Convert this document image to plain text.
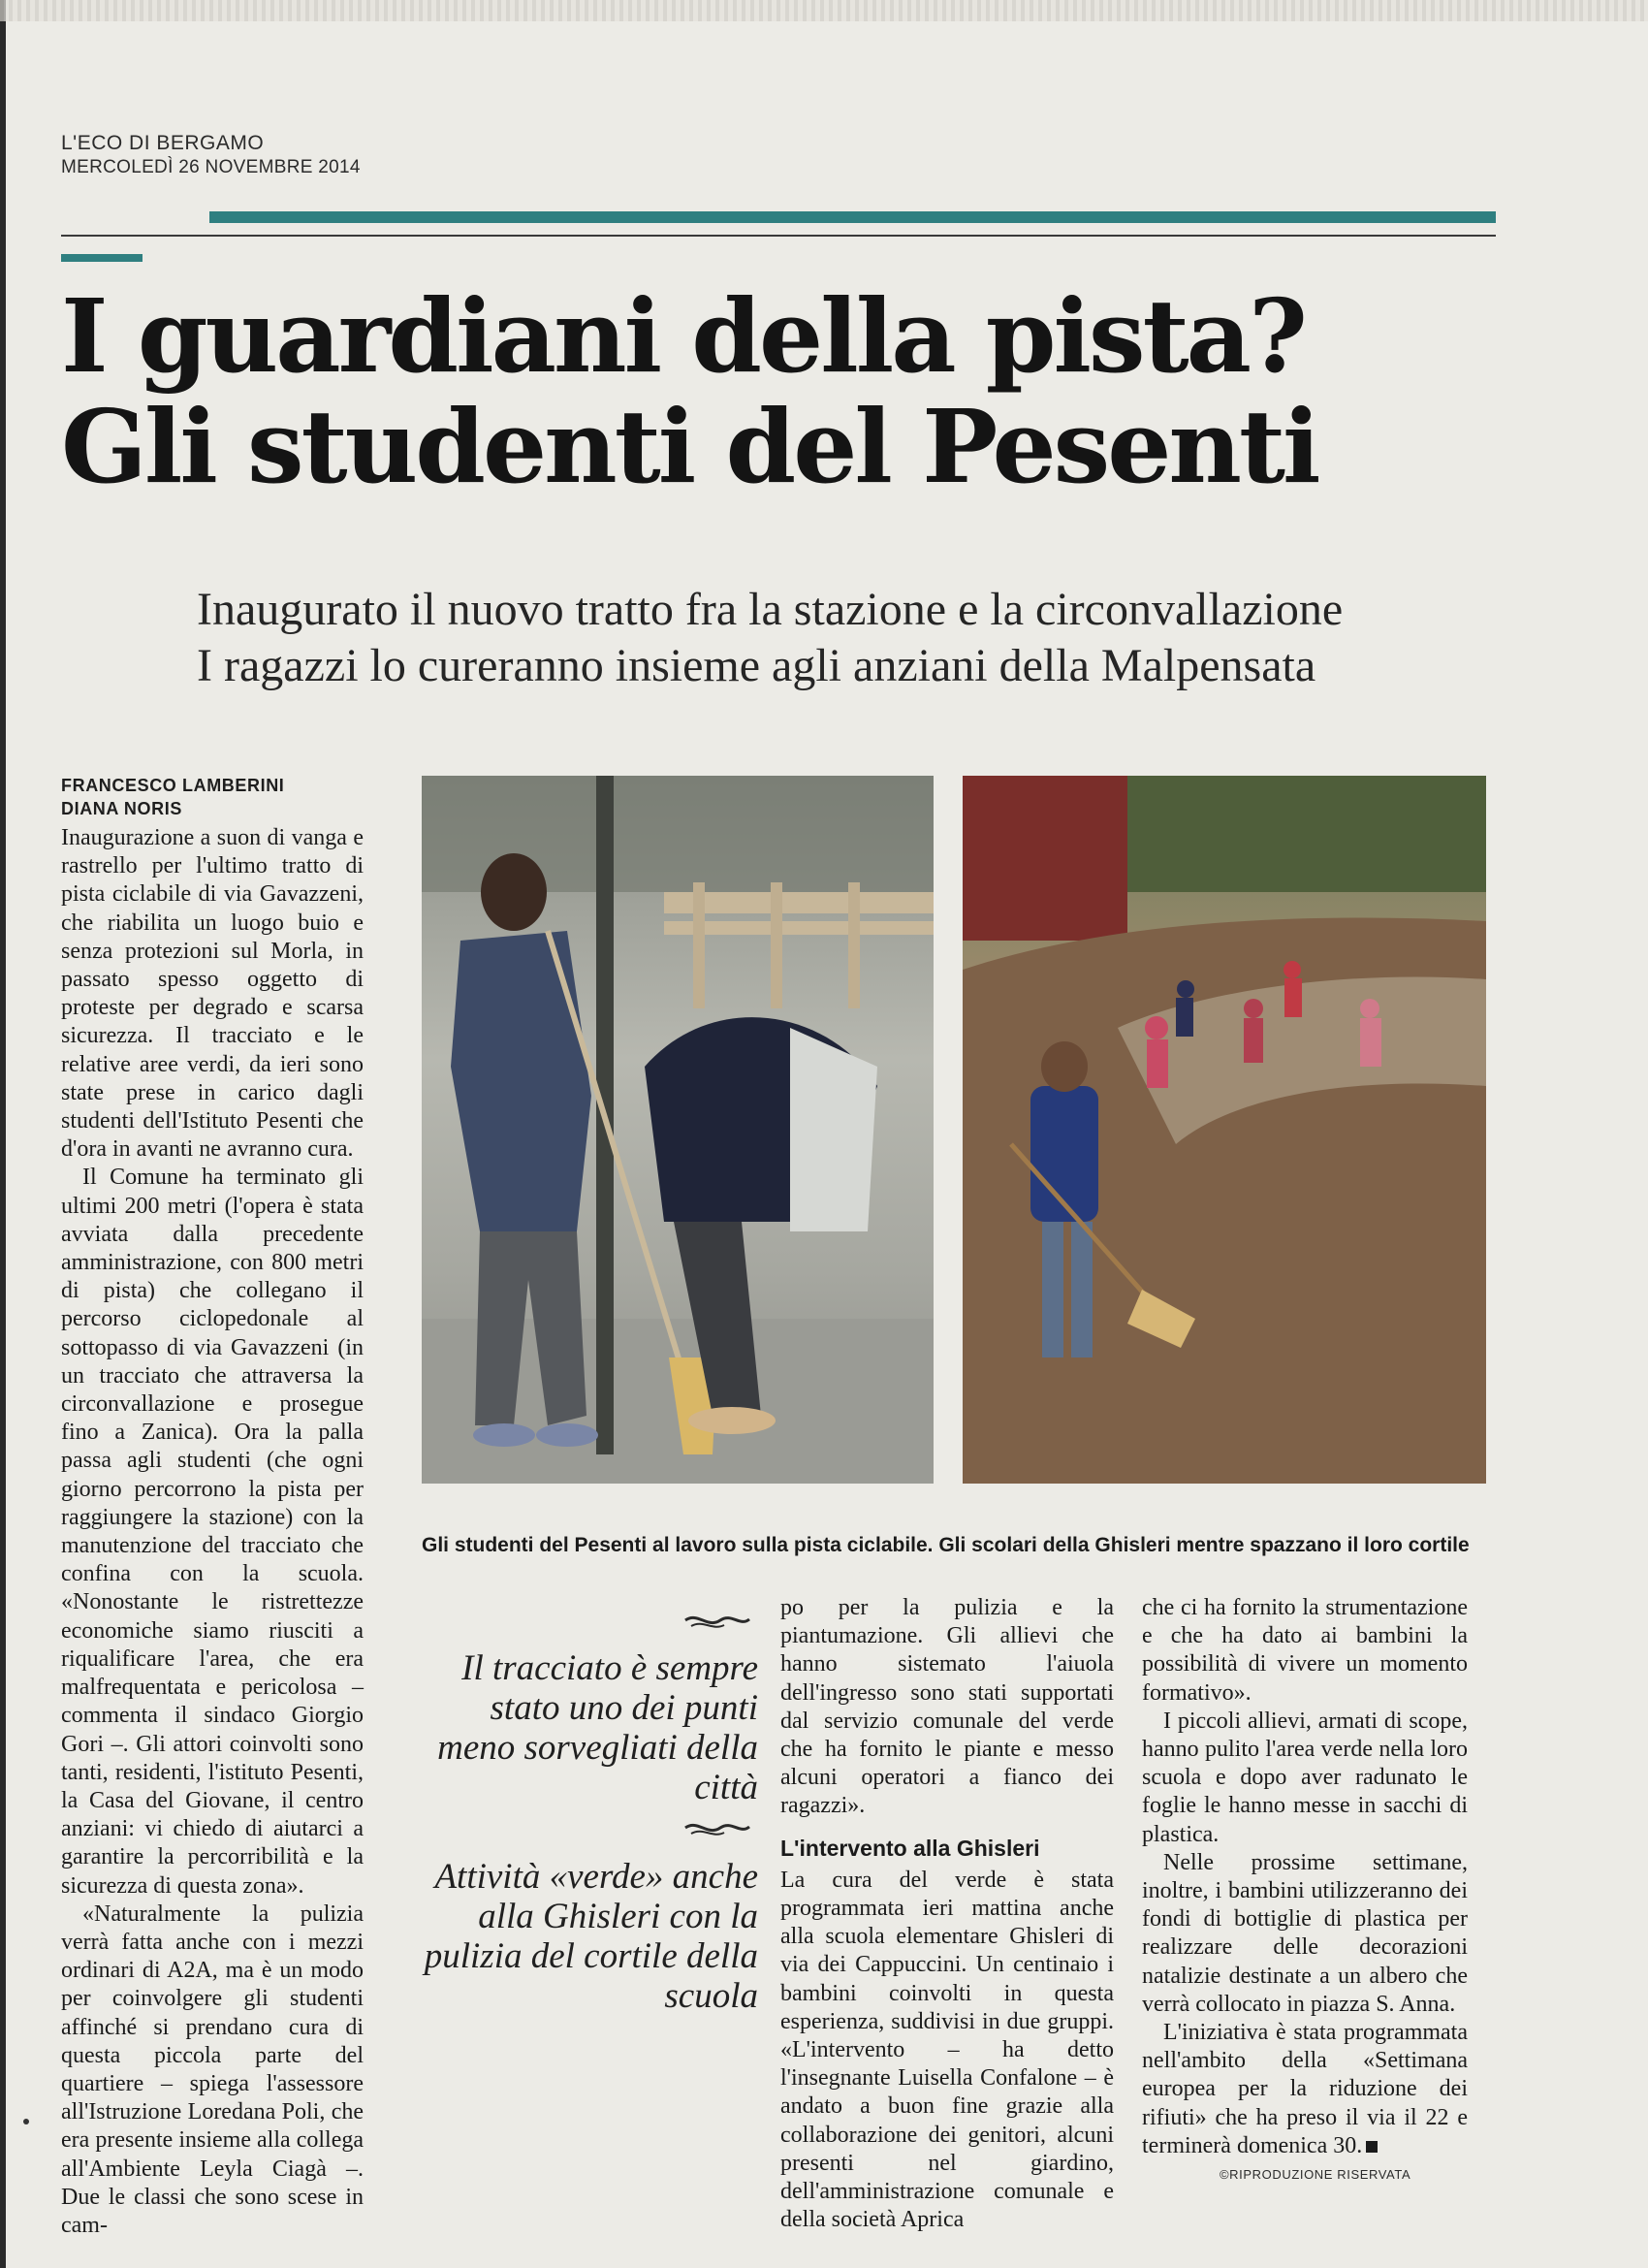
L'ECO DI BERGAMO
MERCOLEDÌ 26 NOVEMBRE 2014
I guardiani della pista?
Gli studenti del Pesenti
Inaugurato il nuovo tratto fra la stazione e la circonvallazione
I ragazzi lo cureranno insieme agli anziani della Malpensata
FRANCESCO LAMBERINI
DIANA NORIS

Inaugurazione a suon di vanga e rastrello per l'ultimo tratto di pista ciclabile di via Gavazzeni, che riabilita un luogo buio e senza protezioni sul Morla, in passato spesso oggetto di proteste per degrado e scarsa sicurezza. Il tracciato e le relative aree verdi, da ieri sono state prese in carico dagli studenti dell'Istituto Pesenti che d'ora in avanti ne avranno cura.

Il Comune ha terminato gli ultimi 200 metri (l'opera è stata avviata dalla precedente amministrazione, con 800 metri di pista) che collegano il percorso ciclopedonale al sottopasso di via Gavazzeni (in un tracciato che attraversa la circonvallazione e prosegue fino a Zanica). Ora la palla passa agli studenti (che ogni giorno percorrono la pista per raggiungere la stazione) con la manutenzione del tracciato che confina con la scuola. «Nonostante le ristrettezze economiche siamo riusciti a riqualificare l'area, che era malfrequentata e pericolosa – commenta il sindaco Giorgio Gori –. Gli attori coinvolti sono tanti, residenti, l'istituto Pesenti, la Casa del Giovane, il centro anziani: vi chiedo di aiutarci a garantire la percorribilità e la sicurezza di questa zona».

«Naturalmente la pulizia verrà fatta anche con i mezzi ordinari di A2A, ma è un modo per coinvolgere gli studenti affinché si prendano cura di questa piccola parte del quartiere – spiega l'assessore all'Istruzione Loredana Poli, che era presente insieme alla collega all'Ambiente Leyla Ciagà –. Due le classi che sono scese in cam-

Gli studenti del Pesenti al lavoro sulla pista ciclabile. Gli scolari della Ghisleri mentre spazzano il loro cortile
Il tracciato è sempre stato uno dei punti meno sorvegliati della città
Attività «verde» anche alla Ghisleri con la pulizia del cortile della scuola

po per la pulizia e la piantumazione. Gli allievi che hanno sistemato l'aiuola dell'ingresso sono stati supportati dal servizio comunale del verde che ha fornito le piante e messo alcuni operatori a fianco dei ragazzi».

L'intervento alla Ghisleri

La cura del verde è stata programmata ieri mattina anche alla scuola elementare Ghisleri di via dei Cappuccini. Un centinaio i bambini coinvolti in questa esperienza, suddivisi in due gruppi. «L'intervento – ha detto l'insegnante Luisella Confalone – è andato a buon fine grazie alla collaborazione dei genitori, alcuni presenti nel giardino, dell'amministrazione comunale e della società Aprica

che ci ha fornito la strumentazione e che ha dato ai bambini la possibilità di vivere un momento formativo».

I piccoli allievi, armati di scope, hanno pulito l'area verde nella loro scuola e dopo aver radunato le foglie le hanno messe in sacchi di plastica.

Nelle prossime settimane, inoltre, i bambini utilizzeranno dei fondi di bottiglie di plastica per realizzare delle decorazioni natalizie destinate a un albero che verrà collocato in piazza S. Anna.

L'iniziativa è stata programmata nell'ambito della «Settimana europea per la riduzione dei rifiuti» che ha preso il via il 22 e terminerà domenica 30.

©RIPRODUZIONE RISERVATA
